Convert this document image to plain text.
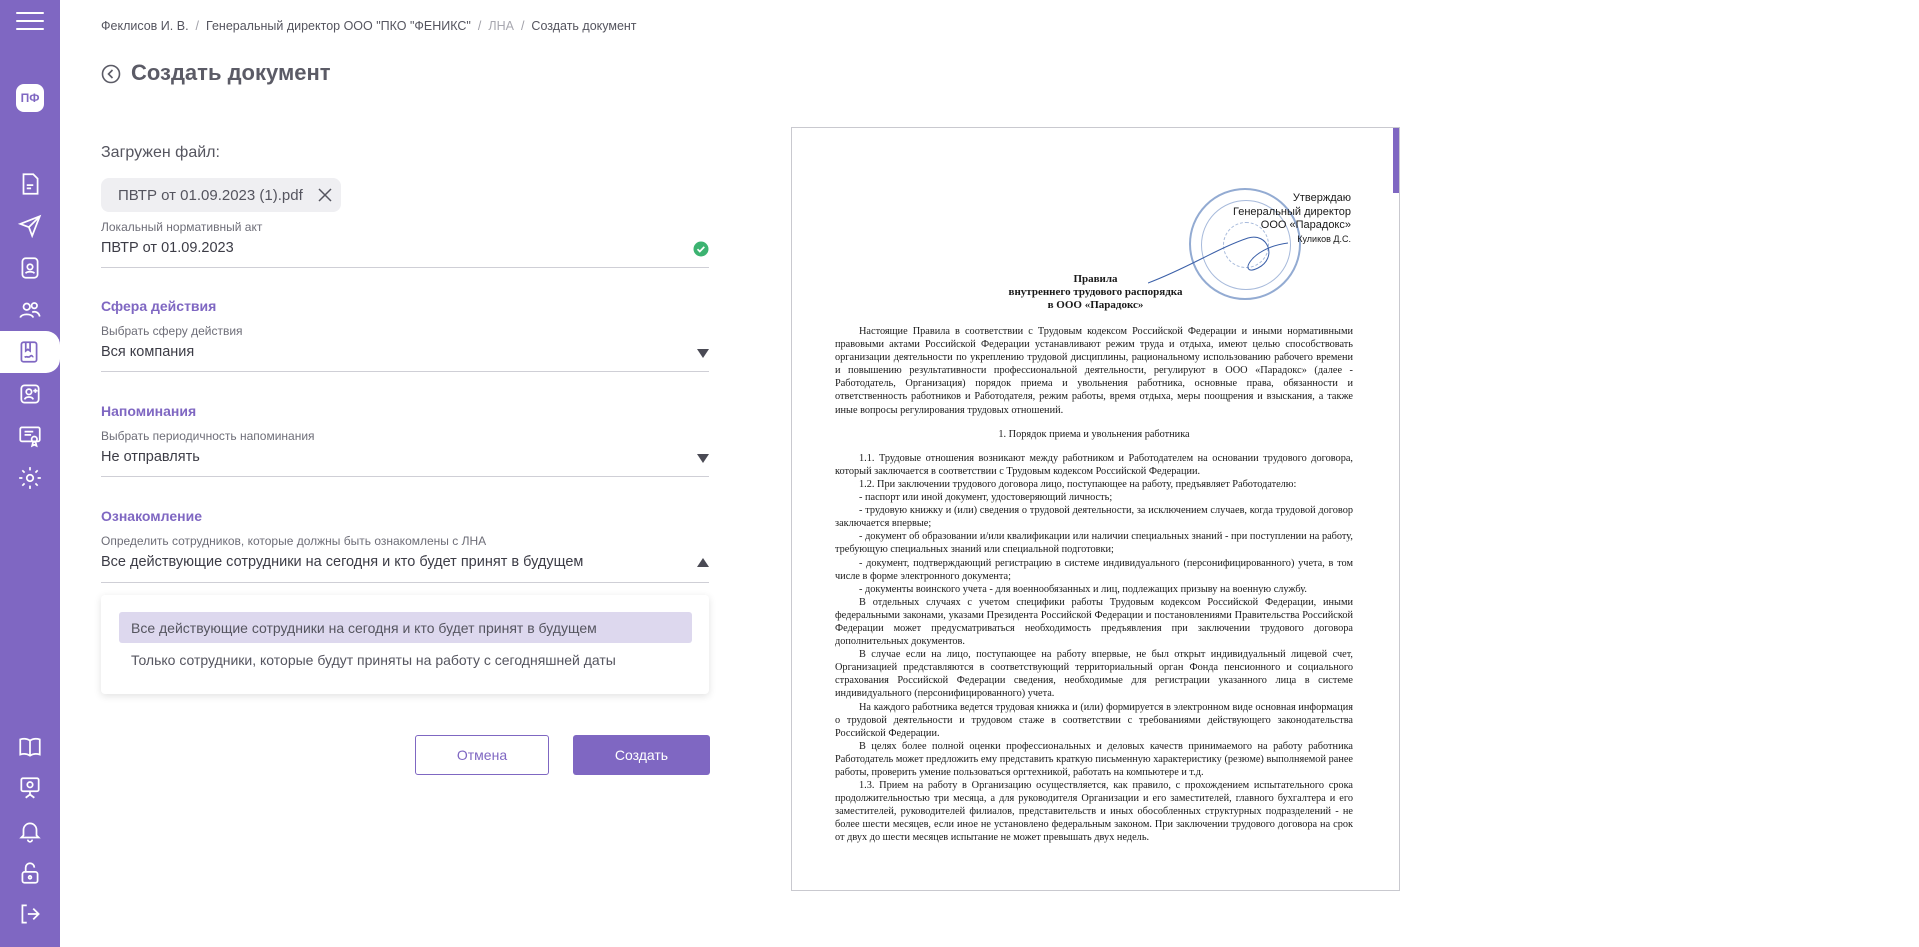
ПФ
Феклисов И. В. / Генеральный директор ООО "ПКО "ФЕНИКС" / ЛНА / Создать документ
Создать документ
Загружен файл:
ПВТР от 01.09.2023 (1).pdf
Локальный нормативный акт
ПВТР от 01.09.2023
Сфера действия
Выбрать сферу действия
Вся компания
Напоминания
Выбрать периодичность напоминания
Не отправлять
Ознакомление
Определить сотрудников, которые должны быть ознакомлены с ЛНА
Все действующие сотрудники на сегодня и кто будет принят в будущем
Все действующие сотрудники на сегодня и кто будет принят в будущем
Только сотрудники, которые будут приняты на работу с сегодняшней даты
Отмена	Создать
Утверждаю
Генеральный директор
ООО «Парадокс»
Куликов Д.С.
Правила
внутреннего трудового распорядка
в ООО «Парадокс»

Настоящие Правила в соответствии с Трудовым кодексом Российской Федерации и иными нормативными правовыми актами Российской Федерации устанавливают режим труда и отдыха, имеют целью способствовать организации деятельности по укреплению трудовой дисциплины, рациональному использованию рабочего времени и повышению результативности профессиональной деятельности, регулируют в ООО «Парадокс» (далее - Работодатель, Организация) порядок приема и увольнения работника, основные права, обязанности и ответственность работников и Работодателя, режим работы, время отдыха, меры поощрения и взыскания, а также иные вопросы регулирования трудовых отношений.

1. Порядок приема и увольнения работника

1.1. Трудовые отношения возникают между работником и Работодателем на основании трудового договора, который заключается в соответствии с Трудовым кодексом Российской Федерации.

1.2. При заключении трудового договора лицо, поступающее на работу, предъявляет Работодателю:

- паспорт или иной документ, удостоверяющий личность;

- трудовую книжку и (или) сведения о трудовой деятельности, за исключением случаев, когда трудовой договор заключается впервые;

- документ об образовании и/или квалификации или наличии специальных знаний - при поступлении на работу, требующую специальных знаний или специальной подготовки;

- документ, подтверждающий регистрацию в системе индивидуального (персонифицированного) учета, в том числе в форме электронного документа;

- документы воинского учета - для военнообязанных и лиц, подлежащих призыву на военную службу.

В отдельных случаях с учетом специфики работы Трудовым кодексом Российской Федерации, иными федеральными законами, указами Президента Российской Федерации и постановлениями Правительства Российской Федерации может предусматриваться необходимость предъявления при заключении трудового договора дополнительных документов.

В случае если на лицо, поступающее на работу впервые, не был открыт индивидуальный лицевой счет, Организацией представляются в соответствующий территориальный орган Фонда пенсионного и социального страхования Российской Федерации сведения, необходимые для регистрации указанного лица в системе индивидуального (персонифицированного) учета.

На каждого работника ведется трудовая книжка и (или) формируется в электронном виде основная информация о трудовой деятельности и трудовом стаже в соответствии с требованиями действующего законодательства Российской Федерации.

В целях более полной оценки профессиональных и деловых качеств принимаемого на работу работника Работодатель может предложить ему представить краткую письменную характеристику (резюме) выполняемой ранее работы, проверить умение пользоваться оргтехникой, работать на компьютере и т.д.

1.3. Прием на работу в Организацию осуществляется, как правило, с прохождением испытательного срока продолжительностью три месяца, а для руководителя Организации и его заместителей, главного бухгалтера и его заместителей, руководителей филиалов, представительств и иных обособленных структурных подразделений - не более шести месяцев, если иное не установлено федеральным законом. При заключении трудового договора на срок от двух до шести месяцев испытание не может превышать двух недель.
